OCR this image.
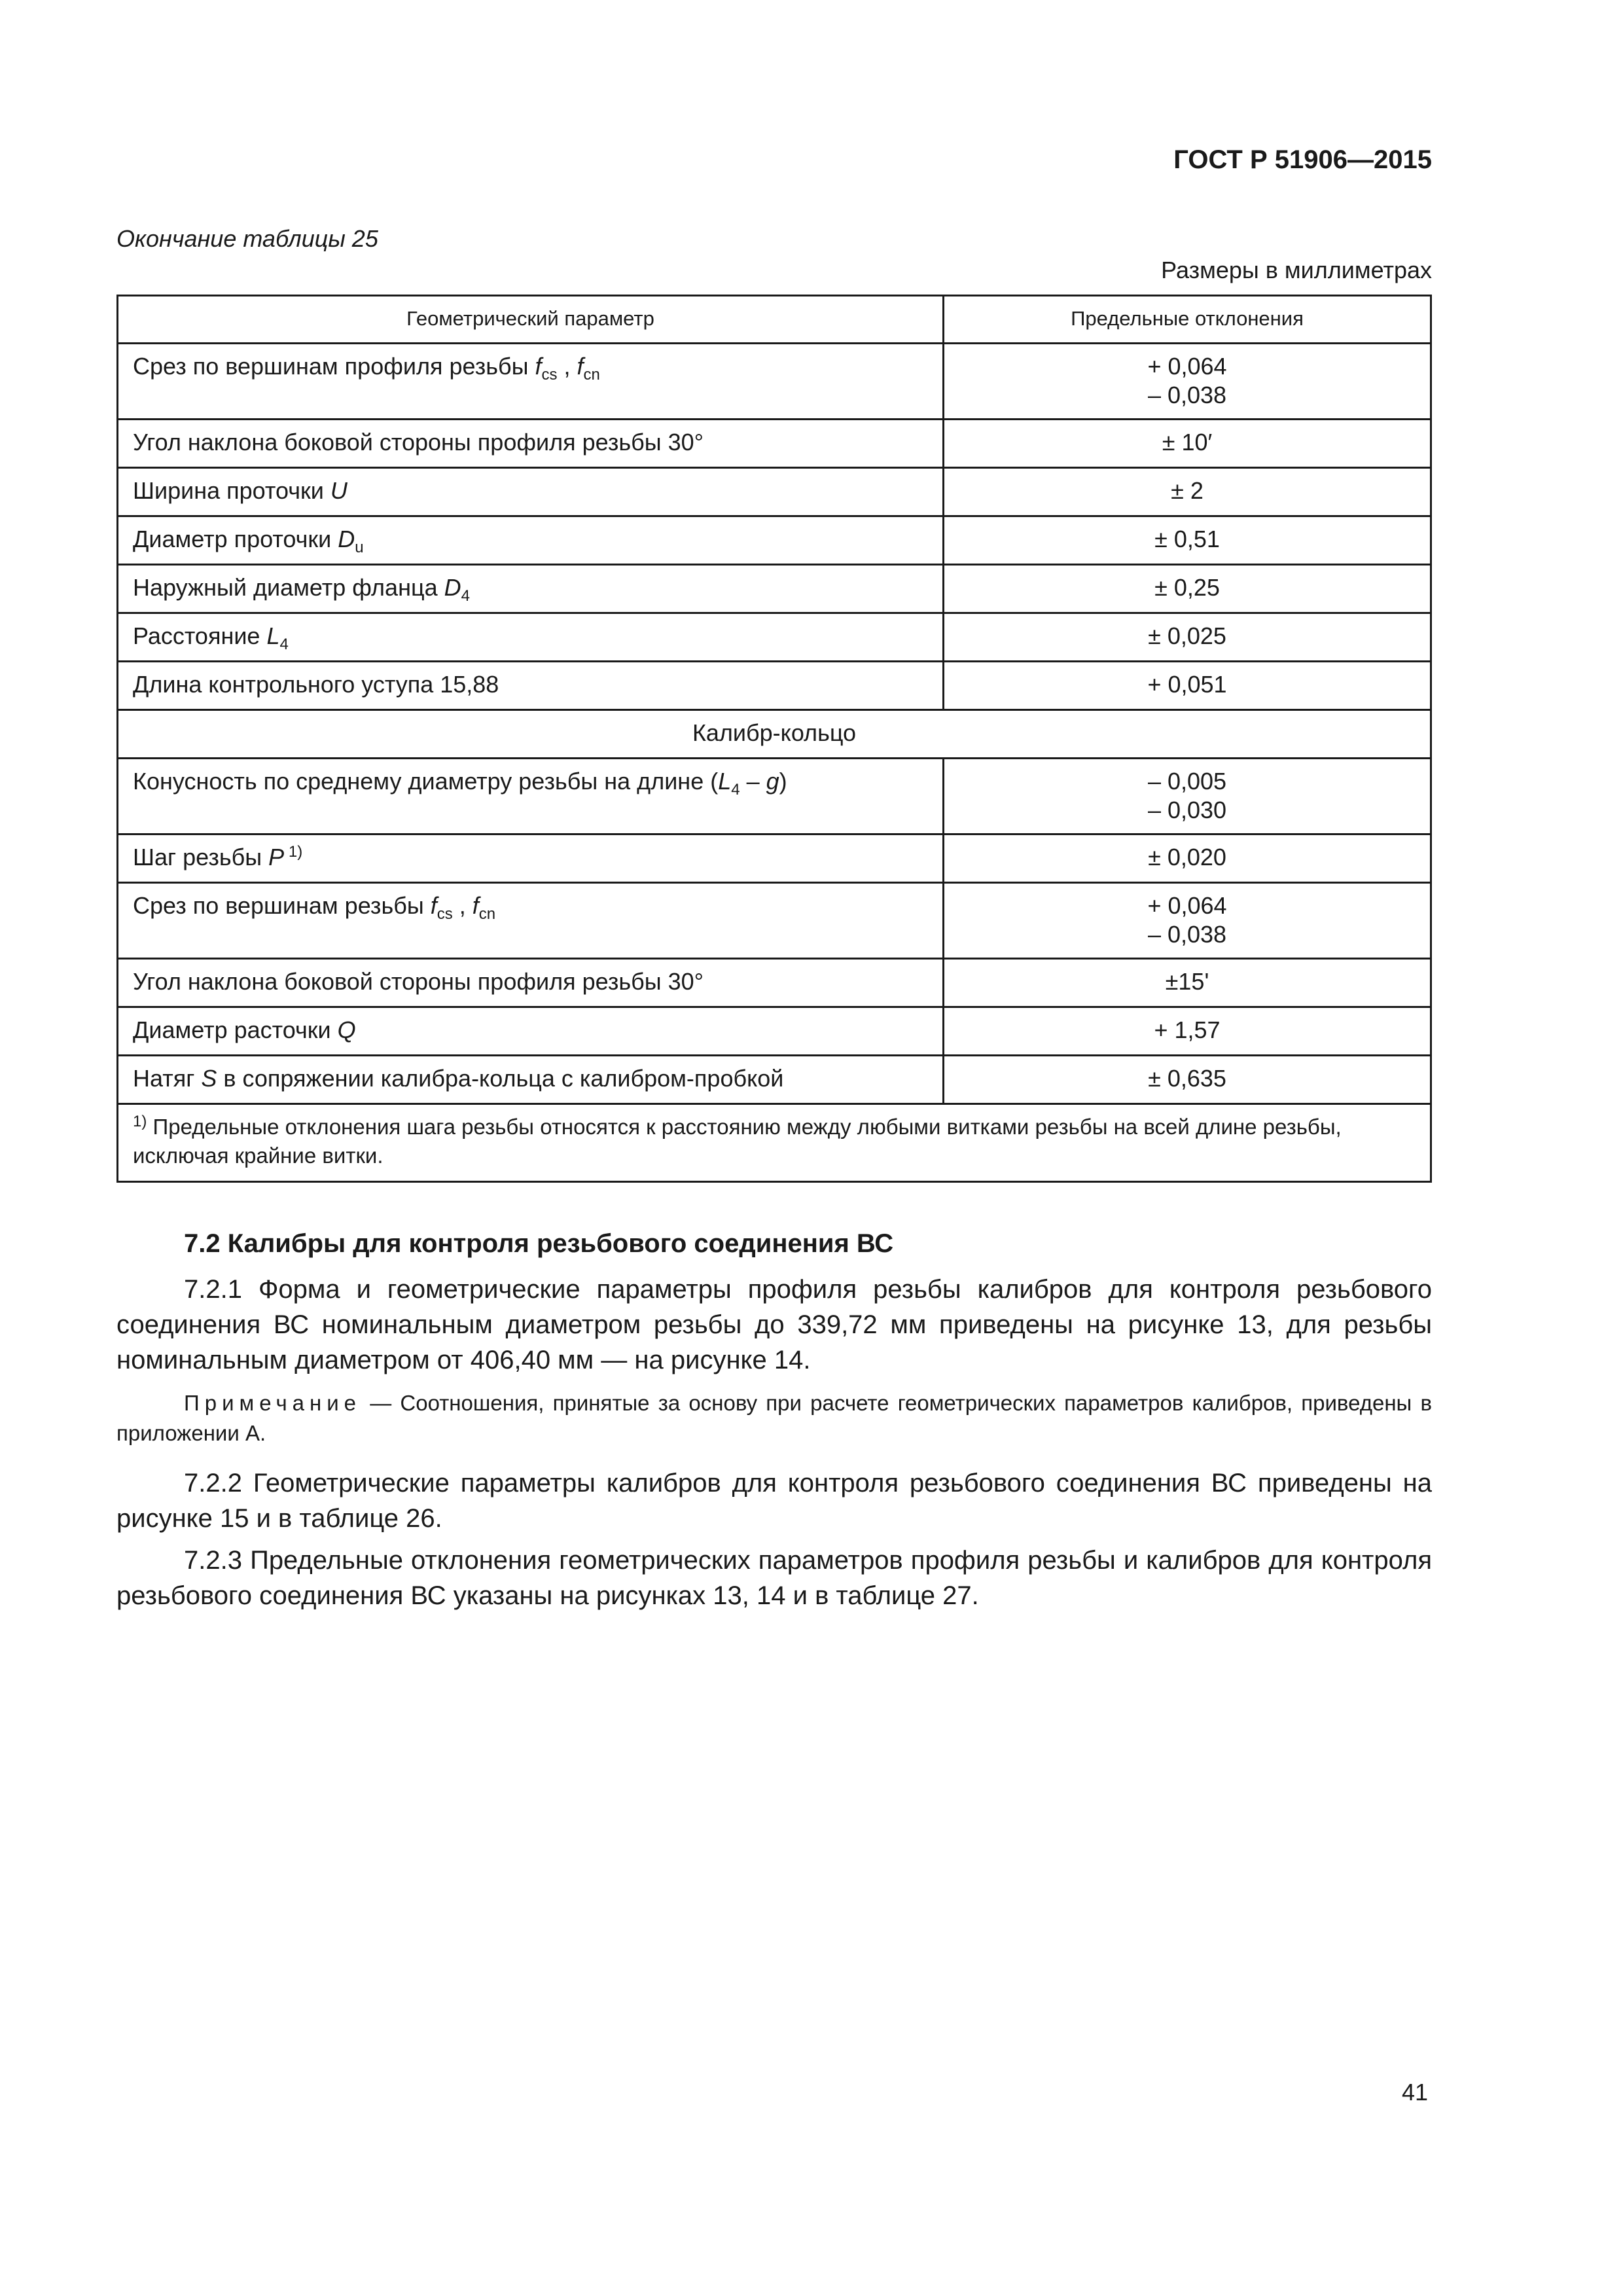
ГОСТ Р 51906—2015
Окончание таблицы 25
Размеры в миллиметрах
Геометрический параметр	Предельные отклонения
Срез по вершинам профиля резьбы $f_{cs}$ , $f_{cn}$	+ 0,064
– 0,038

Угол наклона боковой стороны профиля резьбы 30°	± 10′
Ширина проточки U	± 2
Диаметр проточки $D_u$	± 0,51
Наружный диаметр фланца $D_4$	± 0,25
Расстояние $L_4$	± 0,025
Длина контрольного уступа 15,88	+ 0,051
Калибр-кольцо	
Конусность по среднему диаметру резьбы на длине $(L_4 - g)$	– 0,005
– 0,030

Шаг резьбы P $^{1)}$	± 0,020
Срез по вершинам резьбы $f_{cs}$ , $f_{cn}$	+ 0,064
– 0,038

Угол наклона боковой стороны профиля резьбы 30°	±15'
Диаметр расточки Q	+ 1,57
Натяг S в сопряжении калибра-кольца с калибром-пробкой	± 0,635
$^{1)}$ Предельные отклонения шага резьбы относятся к расстоянию между любыми витками резьбы на всей длине резьбы, исключая крайние витки.	
7.2 Калибры для контроля резьбового соединения ВС

7.2.1 Форма и геометрические параметры профиля резьбы калибров для контроля резьбового соединения ВС номинальным диаметром резьбы до 339,72 мм приведены на рисунке 13, для резьбы номинальным диаметром от 406,40 мм — на рисунке 14.

Примечание — Соотношения, принятые за основу при расчете геометрических параметров калибров, приведены в приложении А.

7.2.2 Геометрические параметры калибров для контроля резьбового соединения ВС приведены на рисунке 15 и в таблице 26.

7.2.3 Предельные отклонения геометрических параметров профиля резьбы и калибров для контроля резьбового соединения ВС указаны на рисунках 13, 14 и в таблице 27.

41
